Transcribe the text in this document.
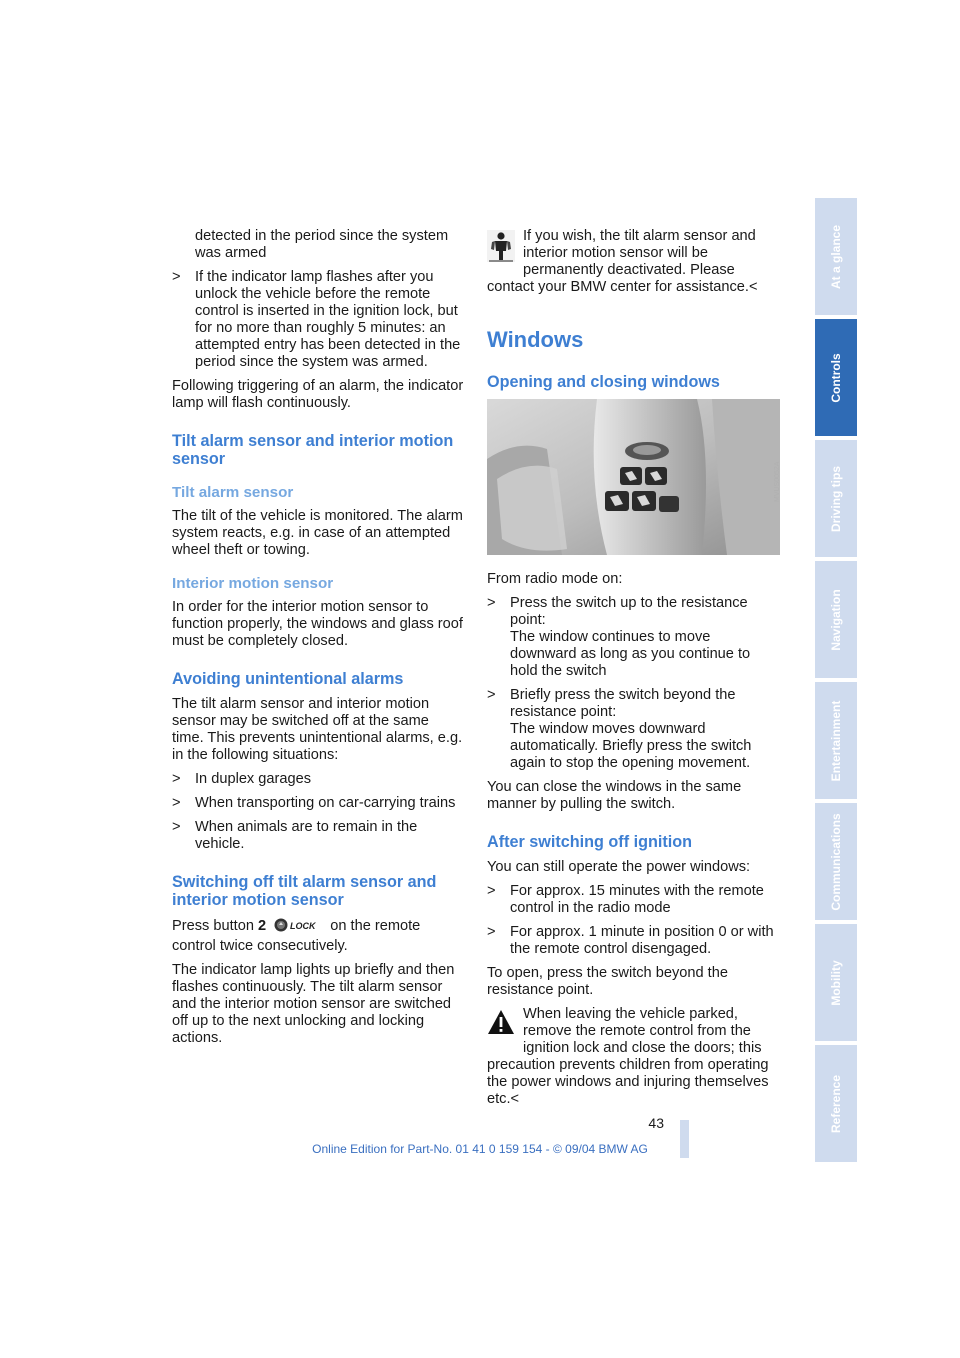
detected in the period since the system was armed

> If the indicator lamp flashes after you unlock the vehicle before the remote control is inserted in the ignition lock, but for no more than roughly 5 minutes: an attempted entry has been detected in the period since the system was armed.

Following triggering of an alarm, the indicator lamp will flash continuously.

Tilt alarm sensor and interior motion sensor
Tilt alarm sensor

The tilt of the vehicle is monitored. The alarm system reacts, e.g. in case of an attempted wheel theft or towing.

Interior motion sensor

In order for the interior motion sensor to function properly, the windows and glass roof must be completely closed.

Avoiding unintentional alarms

The tilt alarm sensor and interior motion sensor may be switched off at the same time. This prevents unintentional alarms, e.g. in the following situations:

> In duplex garages
> When transporting on car-carrying trains
> When animals are to remain in the vehicle.
Switching off tilt alarm sensor and interior motion sensor

Press button 2	LOCK on the remote control twice consecutively.

The indicator lamp lights up briefly and then flashes continuously. The tilt alarm sensor and the interior motion sensor are switched off up to the next unlocking and locking actions.

If you wish, the tilt alarm sensor and interior motion sensor will be permanently deactivated. Please contact your BMW center for assistance.<

Windows
Opening and closing windows

From radio mode on:

> Press the switch up to the resistance point:
The window continues to move downward as long as you continue to hold the switch
> Briefly press the switch beyond the resistance point:
The window moves downward automatically. Briefly press the switch again to stop the opening movement.

You can close the windows in the same manner by pulling the switch.

After switching off ignition

You can still operate the power windows:

> For approx. 15 minutes with the remote control in the radio mode
> For approx. 1 minute in position 0 or with the remote control disengaged.

To open, press the switch beyond the resistance point.

When leaving the vehicle parked, remove the remote control from the ignition lock and close the doors; this precaution prevents children from operating the power windows and injuring themselves etc.<

MVUS0052A
At a glance
Controls
Driving tips
Navigation
Entertainment
Communications
Mobility
Reference
43
Online Edition for Part-No. 01 41 0 159 154 - © 09/04 BMW AG
